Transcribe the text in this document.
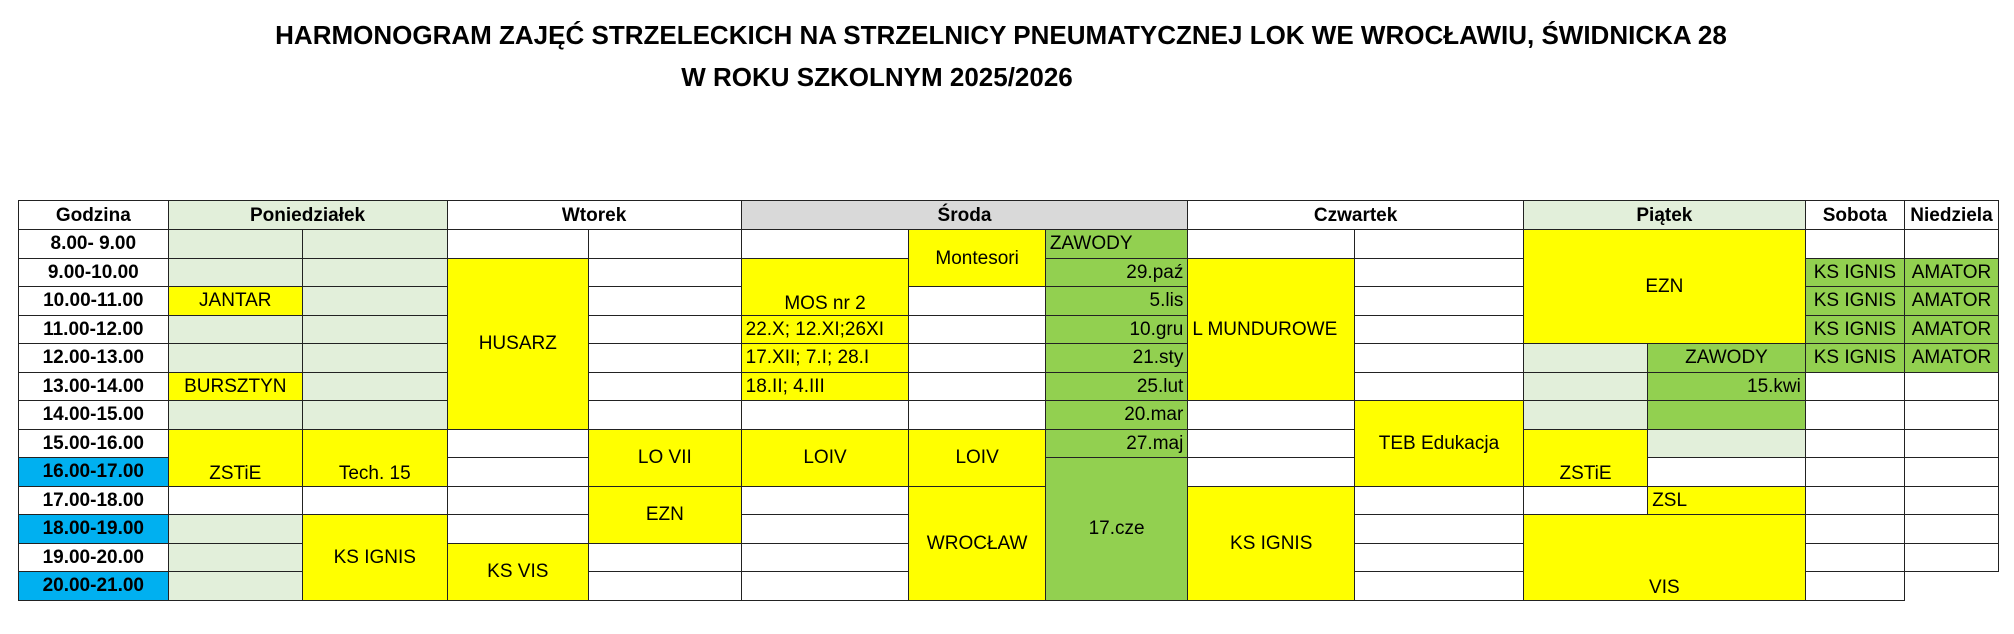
HARMONOGRAM ZAJĘĆ STRZELECKICH NA STRZELNICY PNEUMATYCZNEJ LOK WE WROCŁAWIU, ŚWIDNICKA 28
W ROKU SZKOLNYM 2025/2026
Godzina	Poniedziałek		Wtorek		Środa			Czwartek		Piątek		Sobota	Niedziela
8.00- 9.00						Montesori	ZAWODY			EZN			
9.00-10.00			HUSARZ		MOS nr 2		29.paź	L MUNDUROWE				KS IGNIS	AMATOR
10.00-11.00	JANTAR						5.lis					KS IGNIS	AMATOR
11.00-12.00					22.X; 12.XI;26XI		10.gru					KS IGNIS	AMATOR
12.00-13.00					17.XII; 7.I; 28.I		21.sty				ZAWODY	KS IGNIS	AMATOR
13.00-14.00	BURSZTYN				18.II; 4.III		25.lut				15.kwi		
14.00-15.00							20.mar		TEB Edukacja				
15.00-16.00	ZSTiE	Tech. 15		LO VII	LOIV	LOIV	27.maj			ZSTiE			
16.00-17.00							17.cze						
17.00-18.00				EZN		WROCŁAW		KS IGNIS			ZSL		
18.00-19.00		KS IGNIS								VIS			
19.00-20.00			KS VIS										
20.00-21.00													
